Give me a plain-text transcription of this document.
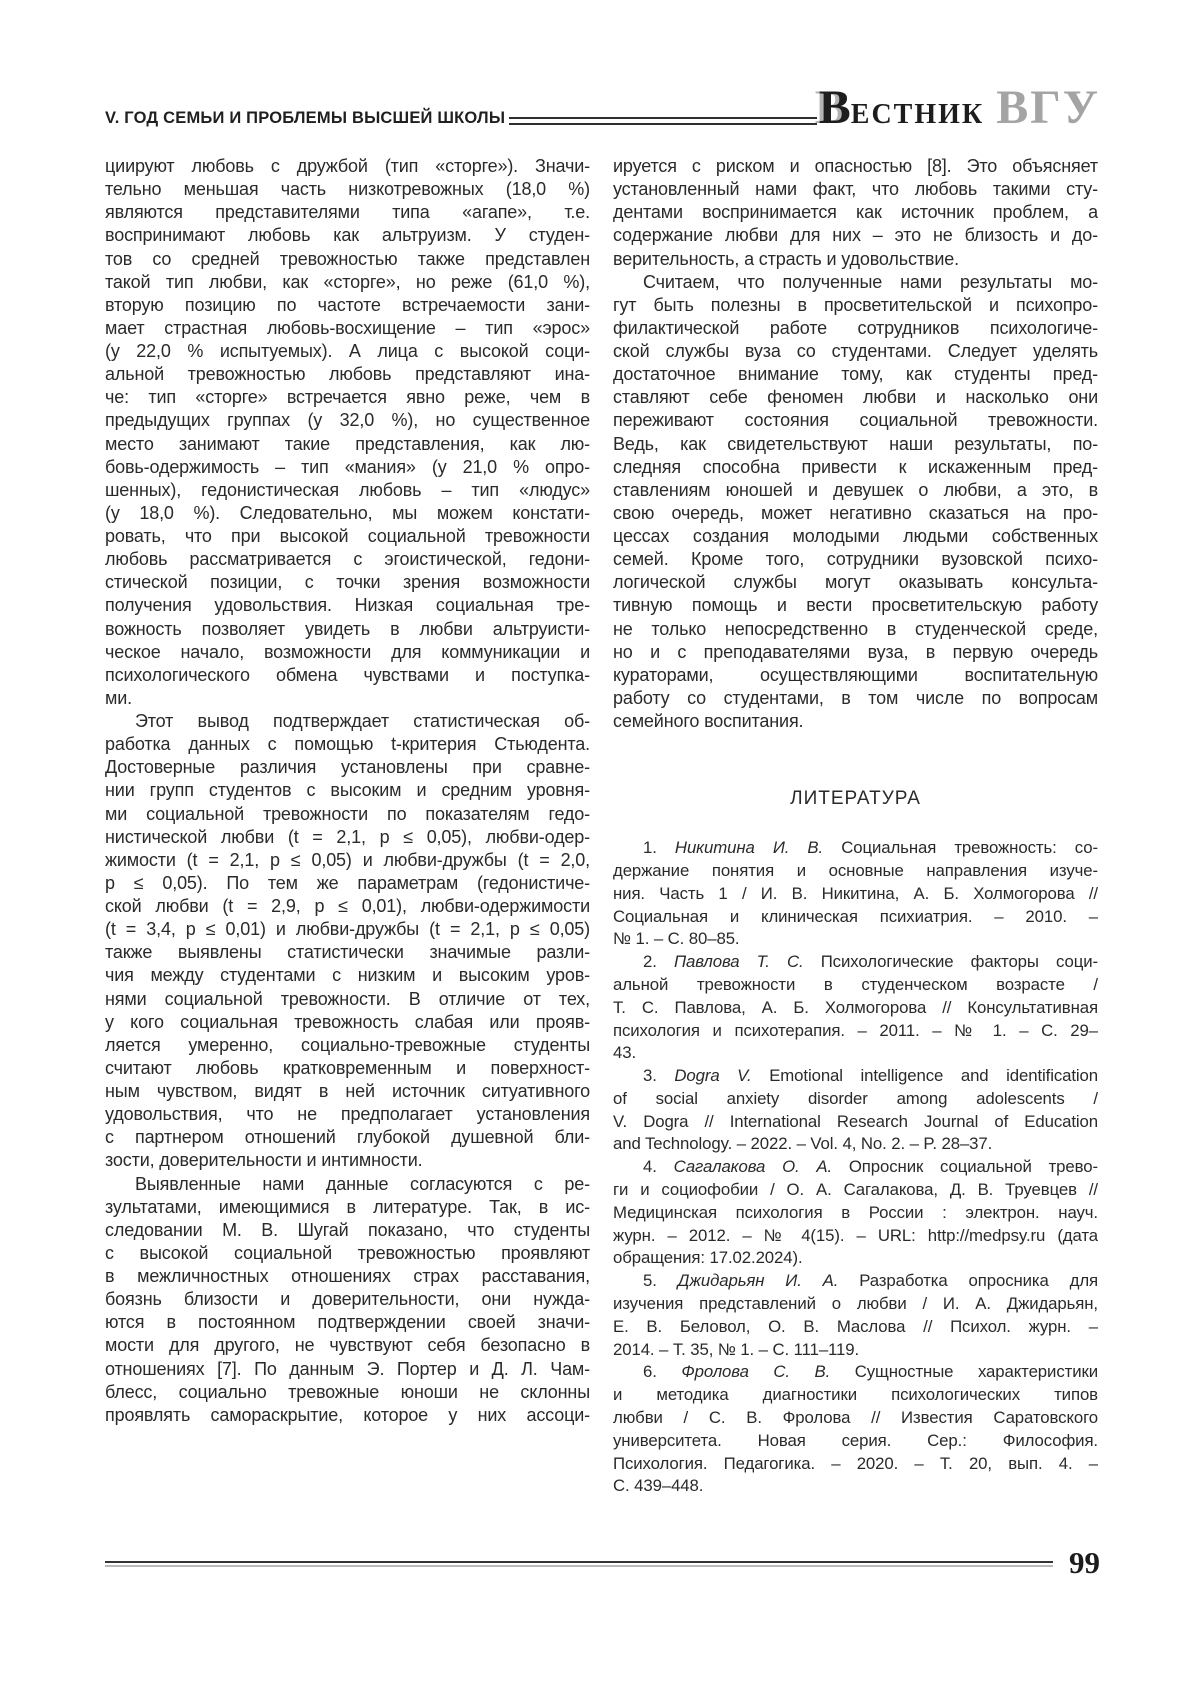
V. ГОД СЕМЬИ И ПРОБЛЕМЫ ВЫСШЕЙ ШКОЛЫ	ВЕСТНИК ВГУ
циируют любовь с дружбой (тип «сторге»). Значи-
тельно меньшая часть низкотревожных (18,0 %)
являются представителями типа «агапе», т.е.
воспринимают любовь как альтруизм. У студен-
тов со средней тревожностью также представлен
такой тип любви, как «сторге», но реже (61,0 %),
вторую позицию по частоте встречаемости зани-
мает страстная любовь-восхищение – тип «эрос»
(у 22,0 % испытуемых). А лица с высокой соци-
альной тревожностью любовь представляют ина-
че: тип «сторге» встречается явно реже, чем в
предыдущих группах (у 32,0 %), но существенное
место занимают такие представления, как лю-
бовь-одержимость – тип «мания» (у 21,0 % опро-
шенных), гедонистическая любовь – тип «людус»
(у 18,0 %). Следовательно, мы можем констати-
ровать, что при высокой социальной тревожности
любовь рассматривается с эгоистической, гедони-
стической позиции, с точки зрения возможности
получения удовольствия. Низкая социальная тре-
вожность позволяет увидеть в любви альтруисти-
ческое начало, возможности для коммуникации и
психологического обмена чувствами и поступка-
ми.
Этот вывод подтверждает статистическая об-
работка данных с помощью t-критерия Стьюдента.
Достоверные различия установлены при сравне-
нии групп студентов с высоким и средним уровня-
ми социальной тревожности по показателям гедо-
нистической любви (t = 2,1, p ≤ 0,05), любви-одер-
жимости (t = 2,1, p ≤ 0,05) и любви-дружбы (t = 2,0,
p ≤ 0,05). По тем же параметрам (гедонистиче-
ской любви (t = 2,9, p ≤ 0,01), любви-одержимости
(t = 3,4, p ≤ 0,01) и любви-дружбы (t = 2,1, p ≤ 0,05)
также выявлены статистически значимые разли-
чия между студентами с низким и высоким уров-
нями социальной тревожности. В отличие от тех,
у кого социальная тревожность слабая или прояв-
ляется умеренно, социально-тревожные студенты
считают любовь кратковременным и поверхност-
ным чувством, видят в ней источник ситуативного
удовольствия, что не предполагает установления
с партнером отношений глубокой душевной бли-
зости, доверительности и интимности.
Выявленные нами данные согласуются с ре-
зультатами, имеющимися в литературе. Так, в ис-
следовании М. В. Шугай показано, что студенты
с высокой социальной тревожностью проявляют
в межличностных отношениях страх расставания,
боязнь близости и доверительности, они нужда-
ются в постоянном подтверждении своей значи-
мости для другого, не чувствуют себя безопасно в
отношениях [7]. По данным Э. Портер и Д. Л. Чам-
блесс, социально тревожные юноши не склонны
проявлять самораскрытие, которое у них ассоци-
ируется с риском и опасностью [8]. Это объясняет
установленный нами факт, что любовь такими сту-
дентами воспринимается как источник проблем, а
содержание любви для них – это не близость и до-
верительность, а страсть и удовольствие.
Считаем, что полученные нами результаты мо-
гут быть полезны в просветительской и психопро-
филактической работе сотрудников психологиче-
ской службы вуза со студентами. Следует уделять
достаточное внимание тому, как студенты пред-
ставляют себе феномен любви и насколько они
переживают состояния социальной тревожности.
Ведь, как свидетельствуют наши результаты, по-
следняя способна привести к искаженным пред-
ставлениям юношей и девушек о любви, а это, в
свою очередь, может негативно сказаться на про-
цессах создания молодыми людьми собственных
семей. Кроме того, сотрудники вузовской психо-
логической службы могут оказывать консульта-
тивную помощь и вести просветительскую работу
не только непосредственно в студенческой среде,
но и с преподавателями вуза, в первую очередь
кураторами, осуществляющими воспитательную
работу со студентами, в том числе по вопросам
семейного воспитания.
ЛИТЕРАТУРА
1. Никитина И. В. Социальная тревожность: со-
держание понятия и основные направления изуче-
ния. Часть 1 / И. В. Никитина, А. Б. Холмогорова //
Социальная и клиническая психиатрия. – 2010. –
№ 1. – С. 80–85.
2. Павлова Т. С. Психологические факторы соци-
альной тревожности в студенческом возрасте /
Т. С. Павлова, А. Б. Холмогорова // Консультативная
психология и психотерапия. – 2011. – № 1. – С. 29–
43.
3. Dogra V. Emotional intelligence and identification
of social anxiety disorder among adolescents /
V. Dogra // International Research Journal of Education
and Technology. – 2022. – Vol. 4, No. 2. – P. 28–37.
4. Сагалакова О. А. Опросник социальной трево-
ги и социофобии / О. А. Сагалакова, Д. В. Труевцев //
Медицинская психология в России : электрон. науч.
журн. – 2012. – № 4(15). – URL: http://medpsy.ru (дата
обращения: 17.02.2024).
5. Джидарьян И. А. Разработка опросника для
изучения представлений о любви / И. А. Джидарьян,
Е. В. Беловол, О. В. Маслова // Психол. журн. –
2014. – Т. 35, № 1. – С. 111–119.
6. Фролова С. В. Сущностные характеристики
и методика диагностики психологических типов
любви / С. В. Фролова // Известия Саратовского
университета. Новая серия. Сер.: Философия.
Психология. Педагогика. – 2020. – Т. 20, вып. 4. –
С. 439–448.
99
